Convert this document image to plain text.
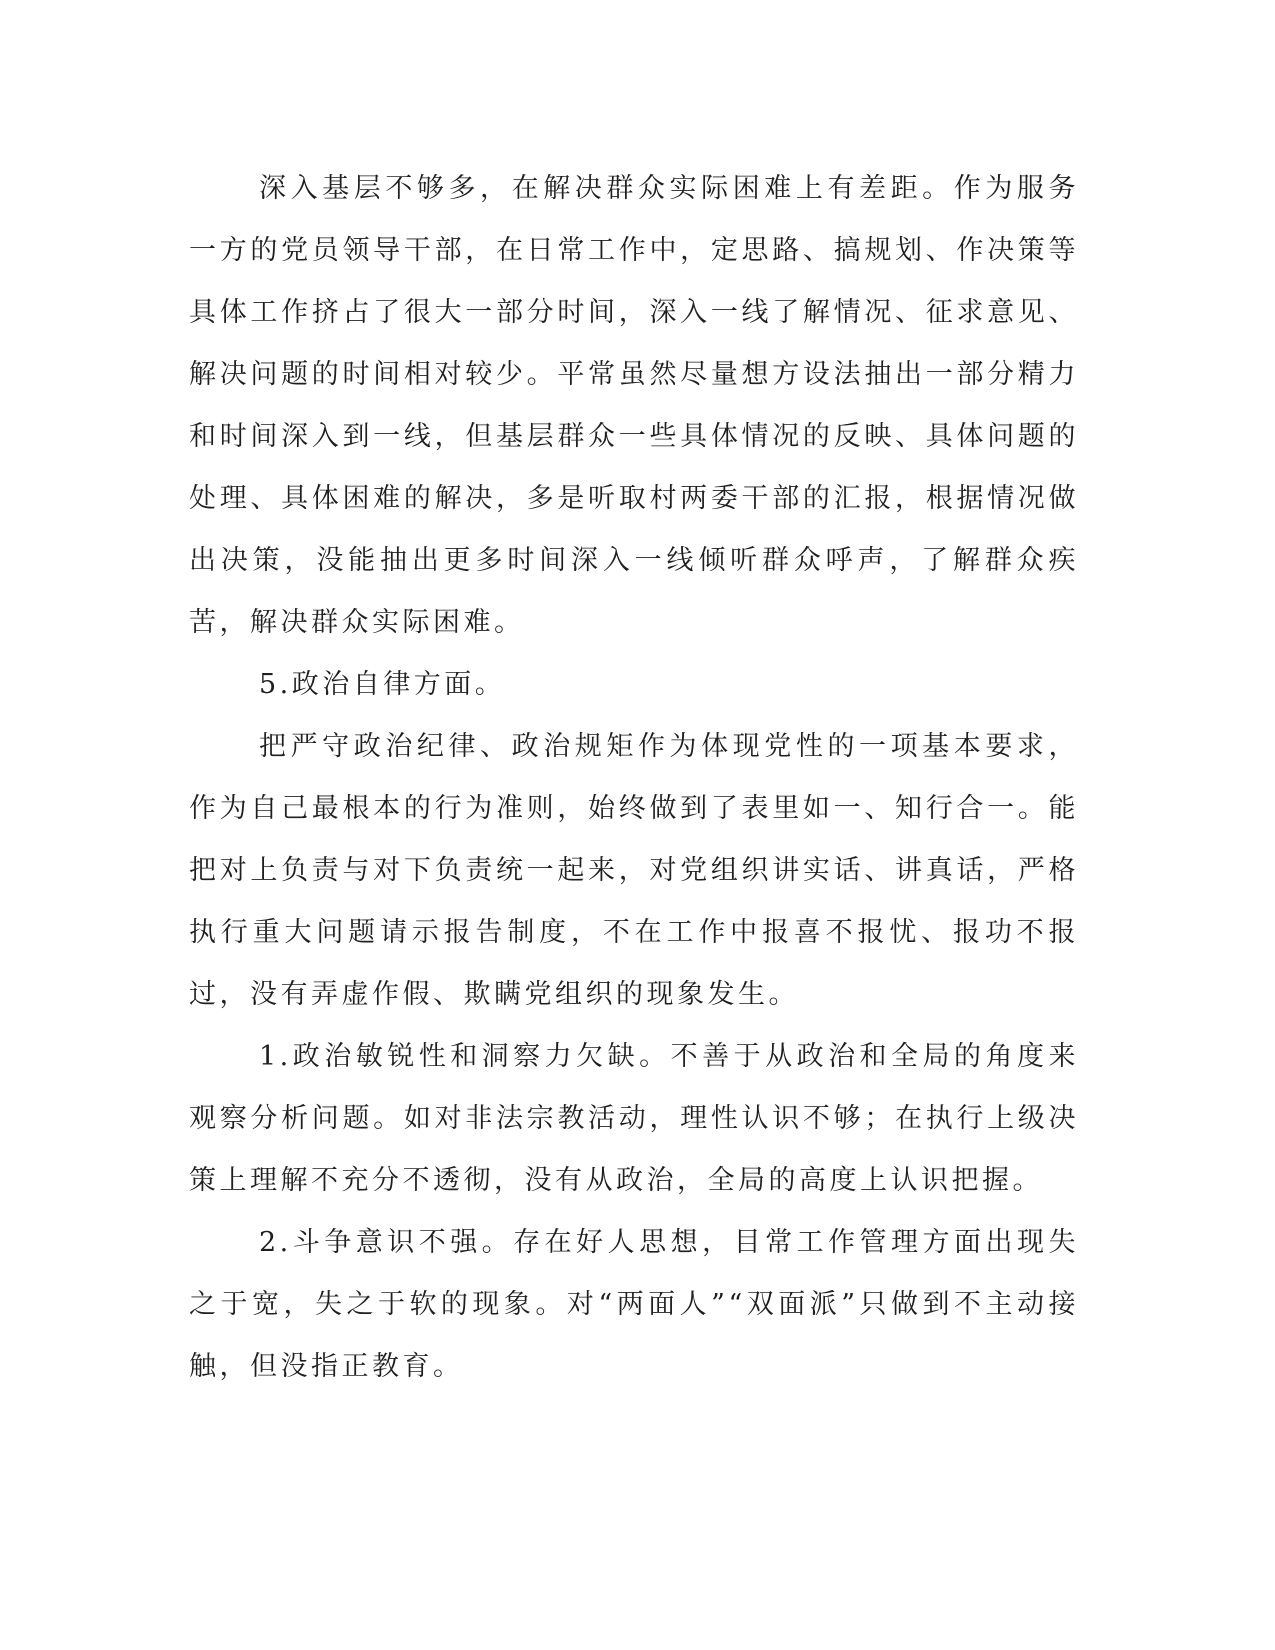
深入基层不够多，在解决群众实际困难上有差距。作为服务一方的党员领导干部，在日常工作中，定思路、搞规划、作决策等具体工作挤占了很大一部分时间，深入一线了解情况、征求意见、解决问题的时间相对较少。平常虽然尽量想方设法抽出一部分精力和时间深入到一线，但基层群众一些具体情况的反映、具体问题的处理、具体困难的解决，多是听取村两委干部的汇报，根据情况做出决策，没能抽出更多时间深入一线倾听群众呼声，了解群众疾苦，解决群众实际困难。

5.政治自律方面。

把严守政治纪律、政治规矩作为体现党性的一项基本要求，作为自己最根本的行为准则，始终做到了表里如一、知行合一。能把对上负责与对下负责统一起来，对党组织讲实话、讲真话，严格执行重大问题请示报告制度，不在工作中报喜不报忧、报功不报过，没有弄虚作假、欺瞒党组织的现象发生。

1.政治敏锐性和洞察力欠缺。不善于从政治和全局的角度来观察分析问题。如对非法宗教活动，理性认识不够；在执行上级决策上理解不充分不透彻，没有从政治，全局的高度上认识把握。

2.斗争意识不强。存在好人思想，目常工作管理方面出现失之于宽，失之于软的现象。对“两面人”“双面派”只做到不主动接触，但没指正教育。
